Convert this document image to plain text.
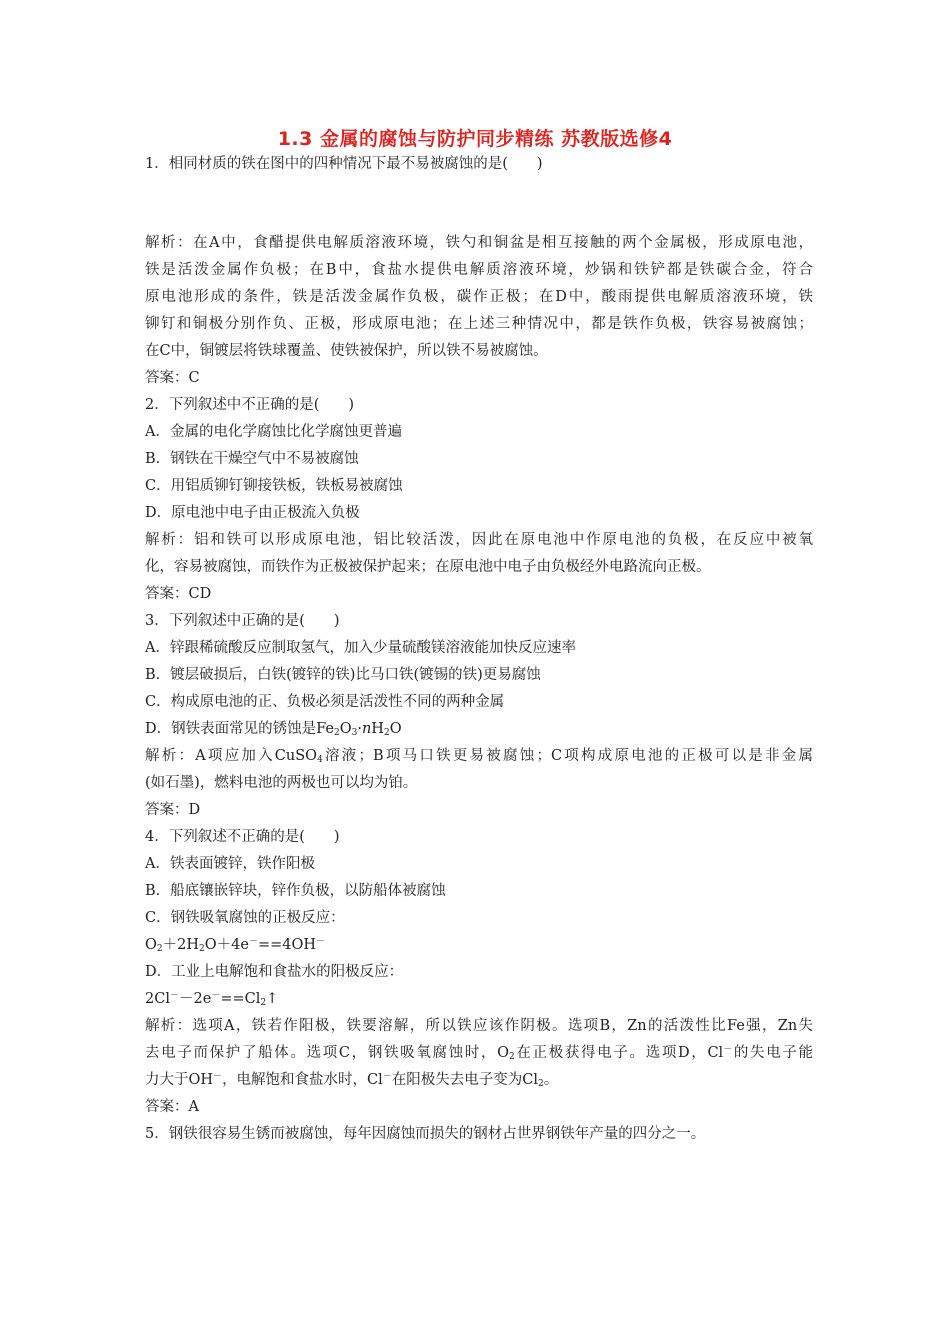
1.3 金属的腐蚀与防护同步精练 苏教版选修4
1．相同材质的铁在图中的四种情况下最不易被腐蚀的是(　　)
解析：在A中，食醋提供电解质溶液环境，铁勺和铜盆是相互接触的两个金属极，形成原电池，
铁是活泼金属作负极；在B中，食盐水提供电解质溶液环境，炒锅和铁铲都是铁碳合金，符合
原电池形成的条件，铁是活泼金属作负极，碳作正极；在D中，酸雨提供电解质溶液环境，铁
铆钉和铜极分别作负、正极，形成原电池；在上述三种情况中，都是铁作负极，铁容易被腐蚀；
在C中，铜镀层将铁球覆盖、使铁被保护，所以铁不易被腐蚀。
答案：C
2．下列叙述中不正确的是(　　)
A．金属的电化学腐蚀比化学腐蚀更普遍
B．钢铁在干燥空气中不易被腐蚀
C．用铝质铆钉铆接铁板，铁板易被腐蚀
D．原电池中电子由正极流入负极
解析：铝和铁可以形成原电池，铝比较活泼，因此在原电池中作原电池的负极，在反应中被氧
化，容易被腐蚀，而铁作为正极被保护起来；在原电池中电子由负极经外电路流向正极。
答案：CD
3．下列叙述中正确的是(　　)
A．锌跟稀硫酸反应制取氢气，加入少量硫酸镁溶液能加快反应速率
B．镀层破损后，白铁(镀锌的铁)比马口铁(镀锡的铁)更易腐蚀
C．构成原电池的正、负极必须是活泼性不同的两种金属
D．钢铁表面常见的锈蚀是$Fe_2O_3\cdot nH_2O$
解析：A项应加入CuSO$_4$溶液；B项马口铁更易被腐蚀；C项构成原电池的正极可以是非金属
(如石墨)，燃料电池的两极也可以均为铂。
答案：D
4．下列叙述不正确的是(　　)
A．铁表面镀锌，铁作阳极
B．船底镶嵌锌块，锌作负极，以防船体被腐蚀
C．钢铁吸氧腐蚀的正极反应：
$O_2+2H_2O+4e^-==4OH^-$
D．工业上电解饱和食盐水的阳极反应：
$2Cl^--2e^-==Cl_2↑$
解析：选项A，铁若作阳极，铁要溶解，所以铁应该作阴极。选项B，Zn的活泼性比Fe强，Zn失
去电子而保护了船体。选项C，钢铁吸氧腐蚀时，$O_2$在正极获得电子。选项D，Cl－的失电子能
力大于OH－，电解饱和食盐水时，Cl－在阳极失去电子变为$Cl_2$。
答案：A
5．钢铁很容易生锈而被腐蚀，每年因腐蚀而损失的钢材占世界钢铁年产量的四分之一。
